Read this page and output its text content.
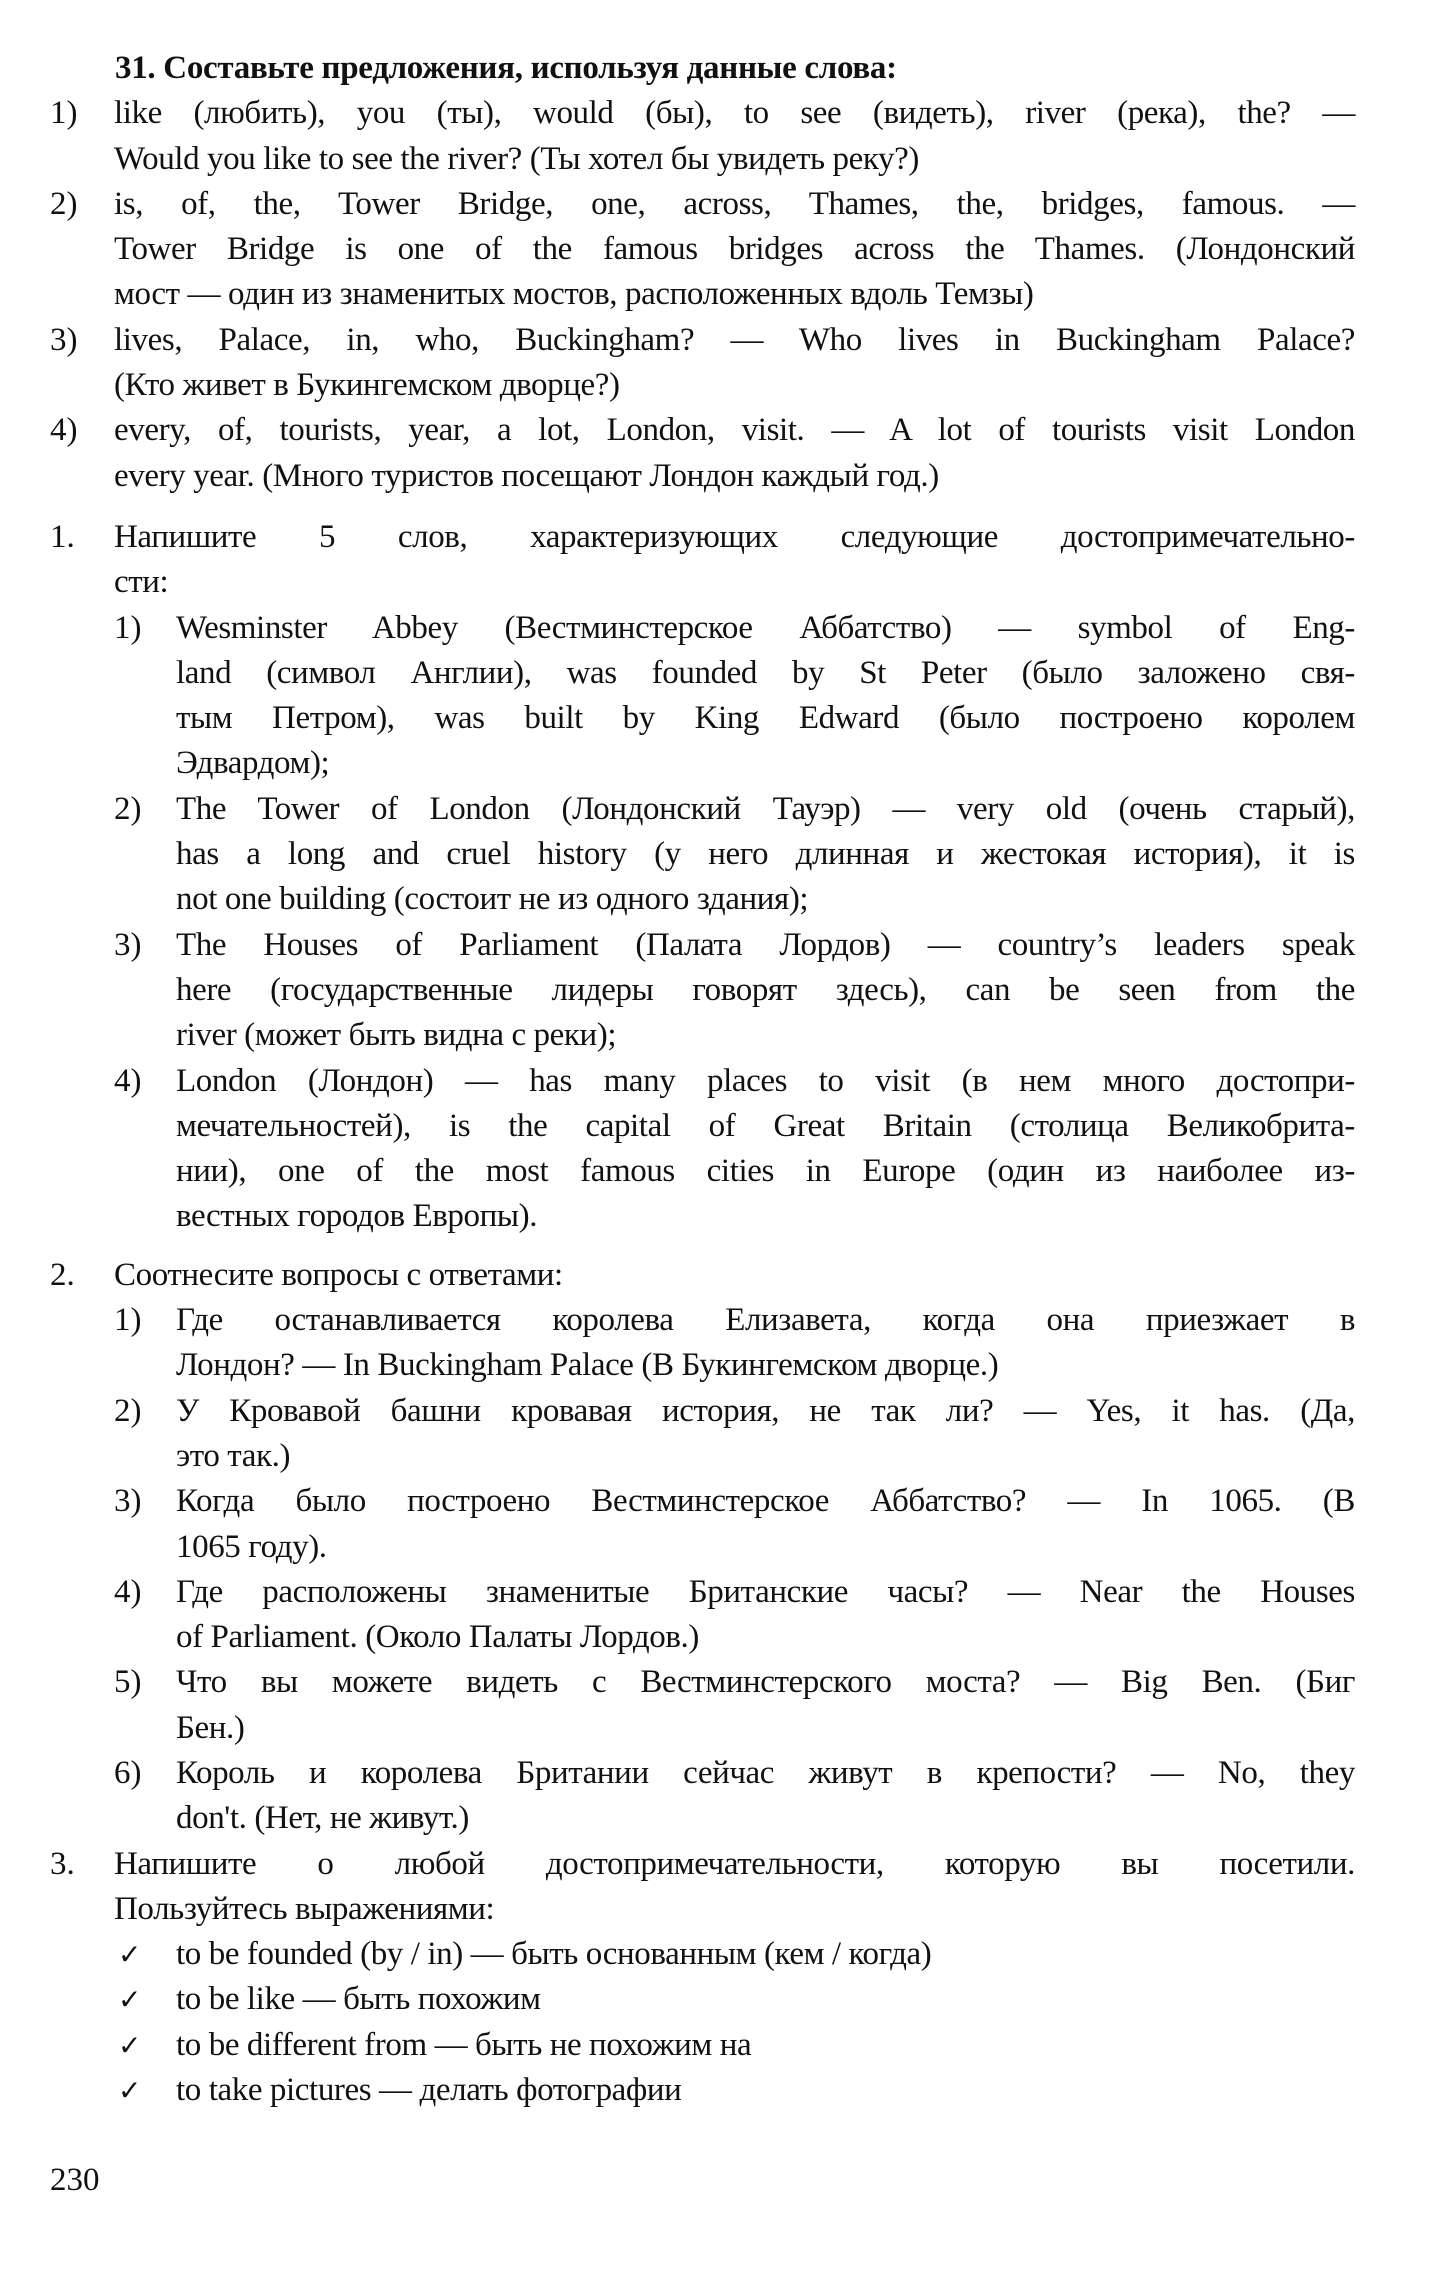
31. Составьте предложения, используя данные слова:
1) like (любить), you (ты), would (бы), to see (видеть), river (река), the? —
Would you like to see the river? (Ты хотел бы увидеть реку?)
2) is, of, the, Tower Bridge, one, across, Thames, the, bridges, famous. —
Tower Bridge is one of the famous bridges across the Thames. (Лондонский
мост — один из знаменитых мостов, расположенных вдоль Темзы)
3) lives, Palace, in, who, Buckingham? — Who lives in Buckingham Palace?
(Кто живет в Букингемском дворце?)
4) every, of, tourists, year, a lot, London, visit. — A lot of tourists visit London
every year. (Много туристов посещают Лондон каждый год.)
1. Напишите 5 слов, характеризующих следующие достопримечательно-
сти:
1) Wesminster Abbey (Вестминстерское Аббатство) — symbol of Eng-
land (символ Англии), was founded by St Peter (было заложено свя-
тым Петром), was built by King Edward (было построено королем
Эдвардом);
2) The Tower of London (Лондонский Тауэр) — very old (очень старый),
has a long and cruel history (у него длинная и жестокая история), it is
not one building (состоит не из одного здания);
3) The Houses of Parliament (Палата Лордов) — country’s leaders speak
here (государственные лидеры говорят здесь), can be seen from the
river (может быть видна с реки);
4) London (Лондон) — has many places to visit (в нем много достопри-
мечательностей), is the capital of Great Britain (столица Великобрита-
нии), one of the most famous cities in Europe (один из наиболее из-
вестных городов Европы).
2. Соотнесите вопросы с ответами:
1) Где останавливается королева Елизавета, когда она приезжает в
Лондон? — In Buckingham Palace (В Букингемском дворце.)
2) У Кровавой башни кровавая история, не так ли? — Yes, it has. (Да,
это так.)
3) Когда было построено Вестминстерское Аббатство? — In 1065. (В
1065 году).
4) Где расположены знаменитые Британские часы? — Near the Houses
of Parliament. (Около Палаты Лордов.)
5) Что вы можете видеть с Вестминстерского моста? — Big Ben. (Биг
Бен.)
6) Король и королева Британии сейчас живут в крепости? — No, they
don't. (Нет, не живут.)
3. Напишите о любой достопримечательности, которую вы посетили.
Пользуйтесь выражениями:
✓ to be founded (by / in) — быть основанным (кем / когда)
✓ to be like — быть похожим
✓ to be different from — быть не похожим на
✓ to take pictures — делать фотографии
230
